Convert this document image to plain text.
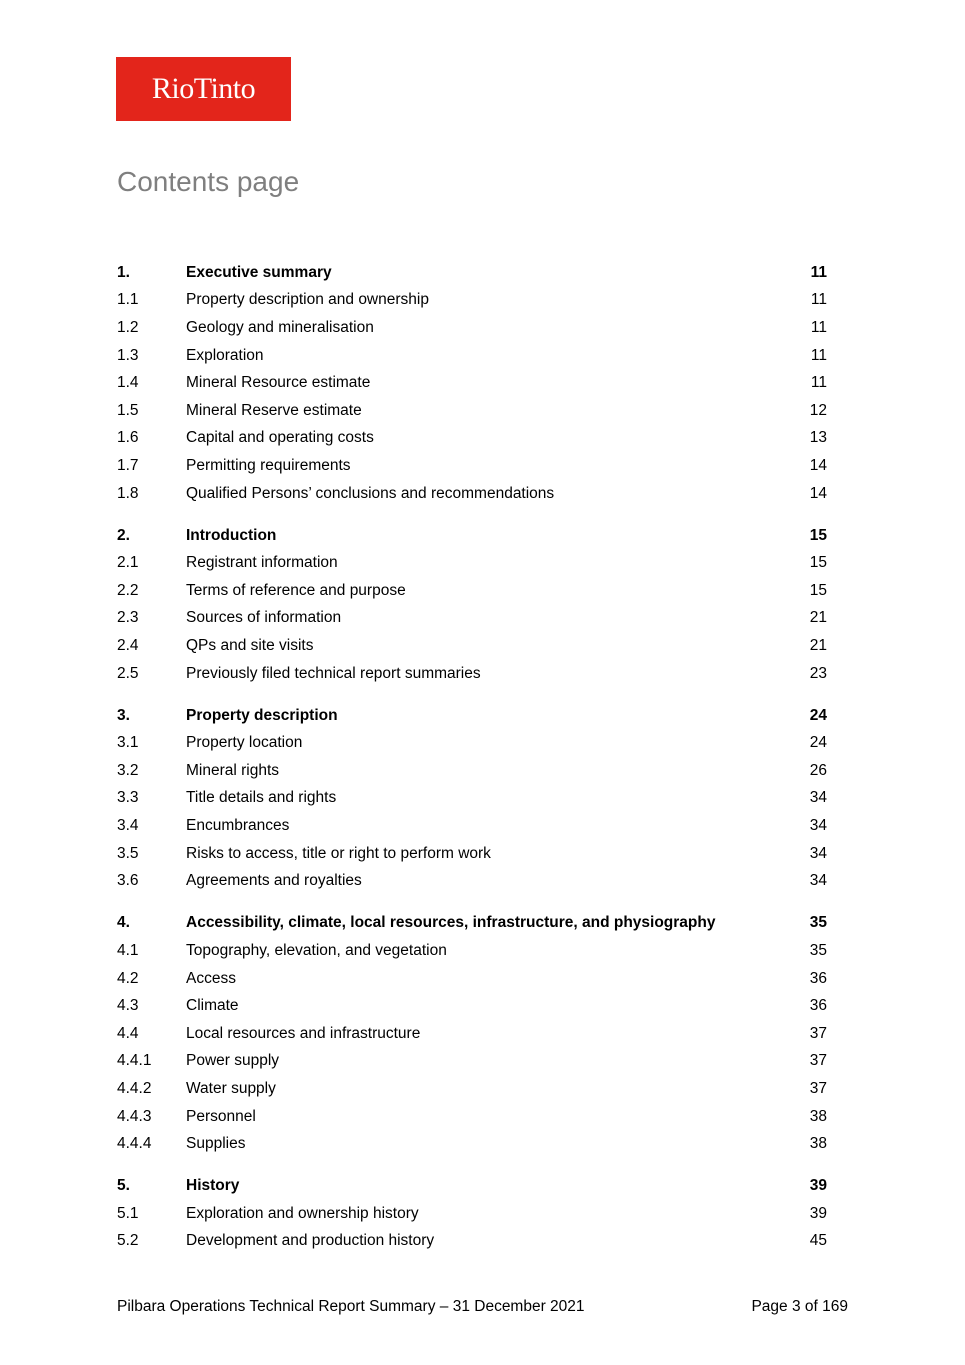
RioTinto
Contents page
1.	Executive summary	11
1.1	Property description and ownership	11
1.2	Geology and mineralisation	11
1.3	Exploration	11
1.4	Mineral Resource estimate	11
1.5	Mineral Reserve estimate	12
1.6	Capital and operating costs	13
1.7	Permitting requirements	14
1.8	Qualified Persons’ conclusions and recommendations	14
2.	Introduction	15
2.1	Registrant information	15
2.2	Terms of reference and purpose	15
2.3	Sources of information	21
2.4	QPs and site visits	21
2.5	Previously filed technical report summaries	23
3.	Property description	24
3.1	Property location	24
3.2	Mineral rights	26
3.3	Title details and rights	34
3.4	Encumbrances	34
3.5	Risks to access, title or right to perform work	34
3.6	Agreements and royalties	34
4.	Accessibility, climate, local resources, infrastructure, and physiography	35
4.1	Topography, elevation, and vegetation	35
4.2	Access	36
4.3	Climate	36
4.4	Local resources and infrastructure	37
4.4.1	Power supply	37
4.4.2	Water supply	37
4.4.3	Personnel	38
4.4.4	Supplies	38
5.	History	39
5.1	Exploration and ownership history	39
5.2	Development and production history	45
Pilbara Operations Technical Report Summary – 31 December 2021	Page 3 of 169
